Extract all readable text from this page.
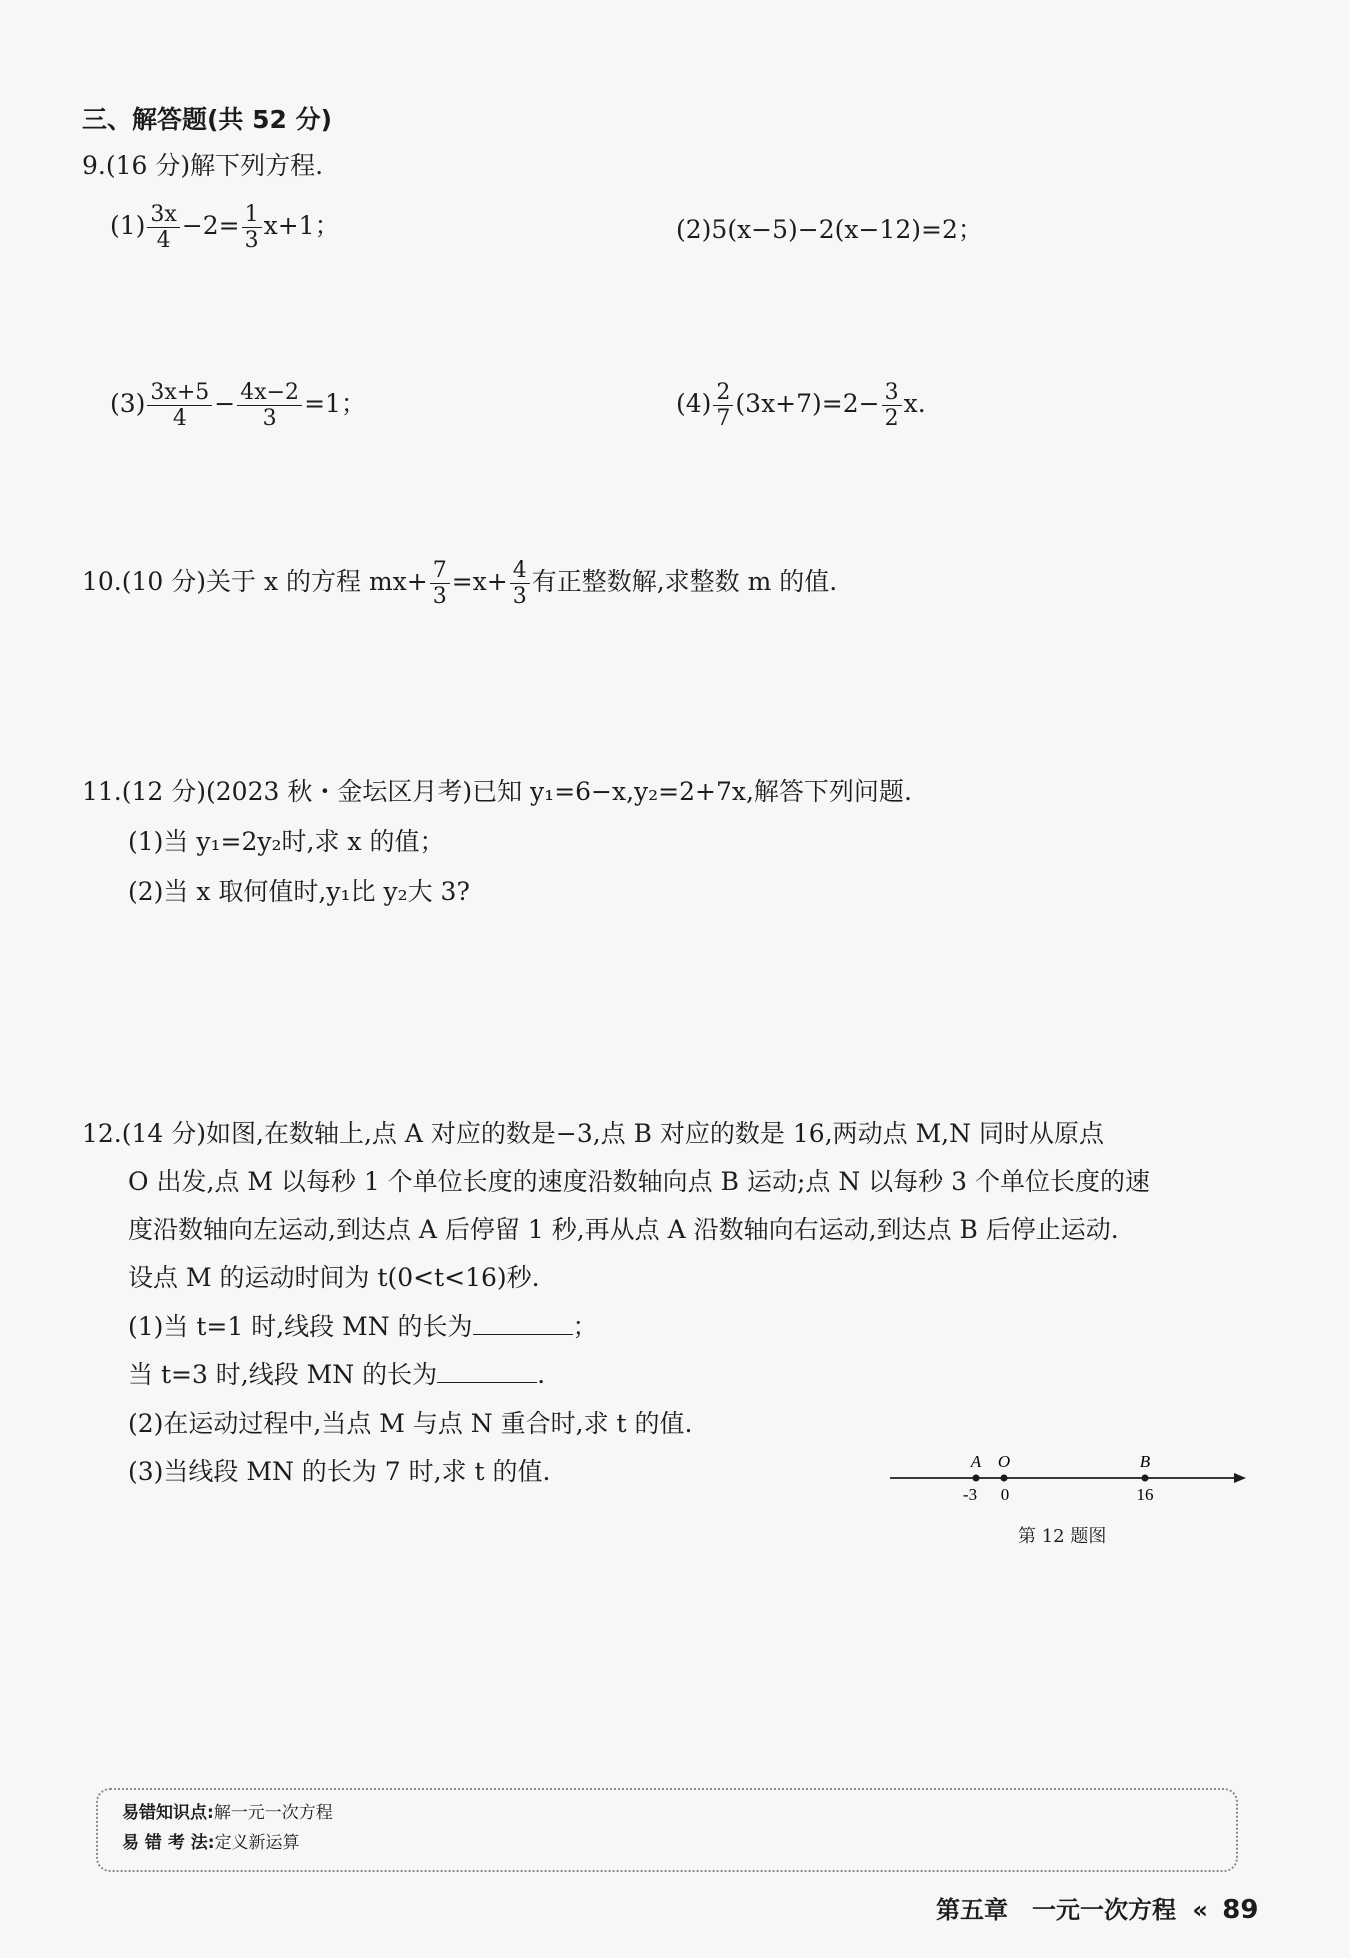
三、解答题(共 52 分)
9.(16 分)解下列方程.
$(1) \frac{3x}{4} -2= \frac{1}{3} x+1$；	(2)5(x−5)−2(x−12)=2；
$(3) \frac{3x+5}{4} - \frac{4x-2}{3} =1$；	$(4) \frac{2}{7} (3x+7)=2- \frac{3}{2} x$.
10.(10 分)关于 x 的方程 $mx+ \frac{7}{3} =x+ \frac{4}{3}$ 有正整数解,求整数 m 的值.
11.(12 分)(2023 秋・金坛区月考)已知 y₁=6−x,y₂=2+7x,解答下列问题.
(1)当 y₁=2y₂时,求 x 的值；
(2)当 x 取何值时,y₁比 y₂大 3?
12.(14 分)如图,在数轴上,点 A 对应的数是−3,点 B 对应的数是 16,两动点 M,N 同时从原点
O 出发,点 M 以每秒 1 个单位长度的速度沿数轴向点 B 运动;点 N 以每秒 3 个单位长度的速
度沿数轴向左运动,到达点 A 后停留 1 秒,再从点 A 沿数轴向右运动,到达点 B 后停止运动.
设点 M 的运动时间为 t(0<t<16)秒.
(1)当 t=1 时,线段 MN 的长为	；
当 t=3 时,线段 MN 的长为	.
(2)在运动过程中,当点 M 与点 N 重合时,求 t 的值.
(3)当线段 MN 的长为 7 时,求 t 的值.	A O	B
-3 0	16
第 12 题图
易错知识点:解一元一次方程
易 错 考 法:定义新运算
第五章　一元一次方程 « 89
